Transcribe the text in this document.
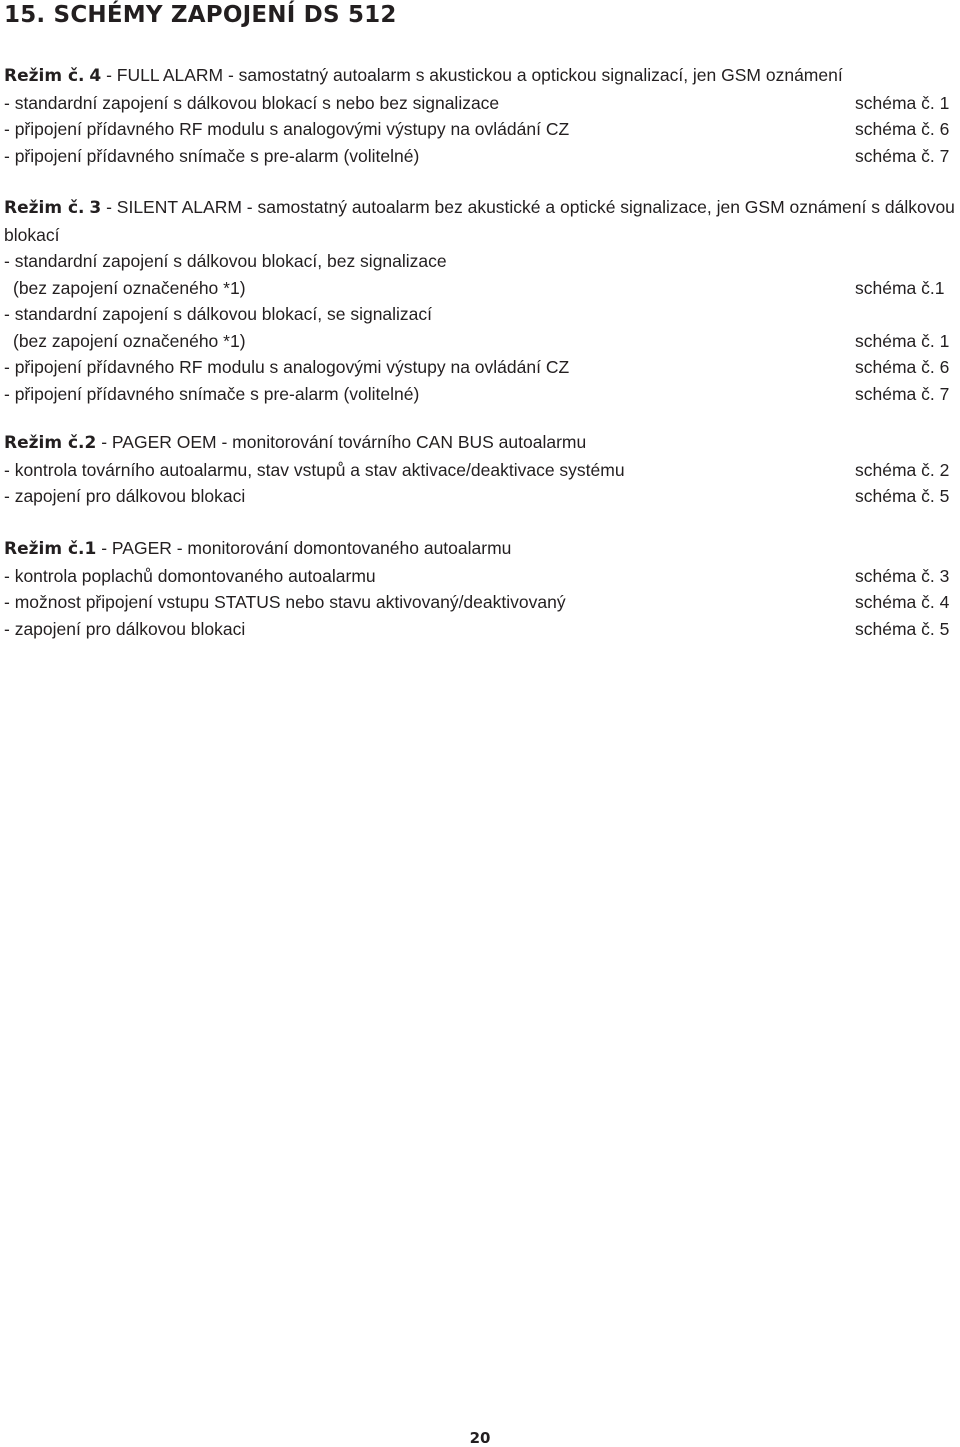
15. SCHÉMY ZAPOJENÍ DS 512
Režim č. 4 - FULL ALARM - samostatný autoalarm s akustickou a optickou signalizací, jen GSM oznámení
- standardní zapojení s dálkovou blokací s nebo bez signalizace	schéma č. 1
- připojení přídavného RF modulu s analogovými výstupy na ovládání CZ	schéma č. 6
- připojení přídavného snímače s pre-alarm (volitelné)	schéma č. 7
Režim č. 3 - SILENT ALARM - samostatný autoalarm bez akustické a optické signalizace, jen GSM oznámení s dálkovou blokací
- standardní zapojení s dálkovou blokací, bez signalizace
(bez zapojení označeného *1)	schéma č.1
- standardní zapojení s dálkovou blokací, se signalizací
(bez zapojení označeného *1)	schéma č. 1
- připojení přídavného RF modulu s analogovými výstupy na ovládání CZ	schéma č. 6
- připojení přídavného snímače s pre-alarm (volitelné)	schéma č. 7
Režim č.2 - PAGER OEM - monitorování továrního CAN BUS autoalarmu
- kontrola továrního autoalarmu, stav vstupů a stav aktivace/deaktivace systému	schéma č. 2
- zapojení pro dálkovou blokaci	schéma č. 5
Režim č.1 - PAGER - monitorování domontovaného autoalarmu
- kontrola poplachů domontovaného autoalarmu	schéma č. 3
- možnost připojení vstupu STATUS nebo stavu aktivovaný/deaktivovaný	schéma č. 4
- zapojení pro dálkovou blokaci	schéma č. 5
20
